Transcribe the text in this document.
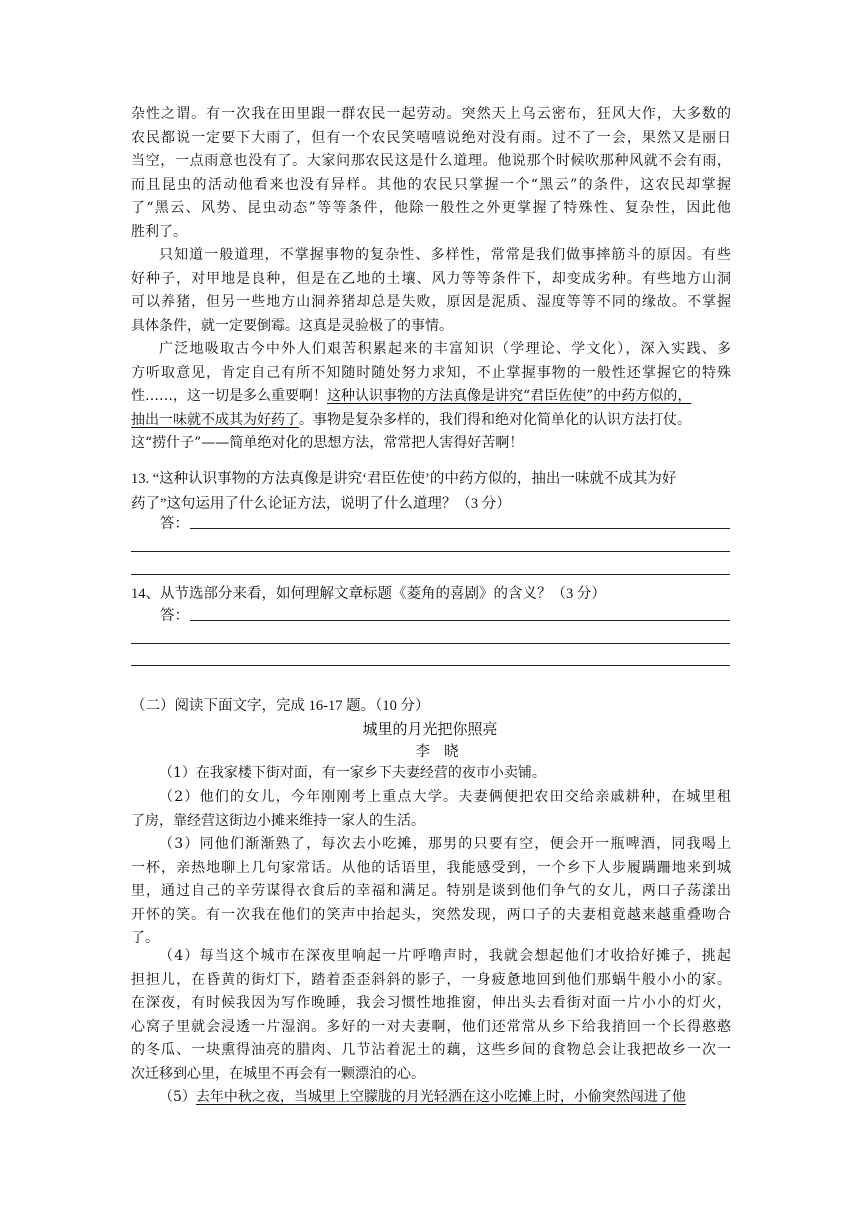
杂性之谓。有一次我在田里跟一群农民一起劳动。突然天上乌云密布，狂风大作，大多数的
农民都说一定要下大雨了，但有一个农民笑嘻嘻说绝对没有雨。过不了一会，果然又是丽日
当空，一点雨意也没有了。大家问那农民这是什么道理。他说那个时候吹那种风就不会有雨，
而且昆虫的活动他看来也没有异样。其他的农民只掌握一个“黑云”的条件，这农民却掌握
了“黑云、风势、昆虫动态”等等条件，他除一般性之外更掌握了特殊性、复杂性，因此他
胜利了。
只知道一般道理，不掌握事物的复杂性、多样性，常常是我们做事摔筋斗的原因。有些
好种子，对甲地是良种，但是在乙地的土壤、风力等等条件下，却变成劣种。有些地方山洞
可以养猪，但另一些地方山洞养猪却总是失败，原因是泥质、湿度等等不同的缘故。不掌握
具体条件，就一定要倒霉。这真是灵验极了的事情。
广泛地吸取古今中外人们艰苦积累起来的丰富知识（学理论、学文化），深入实践、多
方听取意见，肯定自己有所不知随时随处努力求知，不止掌握事物的一般性还掌握它的特殊
性……，这一切是多么重要啊！这种认识事物的方法真像是讲究“君臣佐使”的中药方似的，
抽出一味就不成其为好药了。事物是复杂多样的，我们得和绝对化简单化的认识方法打仗。
这“捞什子”——简单绝对化的思想方法，常常把人害得好苦啊！
13. “这种认识事物的方法真像是讲究‘君臣佐使’的中药方似的，抽出一味就不成其为好
药了”这句运用了什么论证方法，说明了什么道理？（3 分）
答：
14、从节选部分来看，如何理解文章标题《菱角的喜剧》的含义？（3 分）
答：
（二）阅读下面文字，完成 16-17 题。（10 分）
城里的月光把你照亮
李晓
（1）在我家楼下街对面，有一家乡下夫妻经营的夜市小卖铺。
（2）他们的女儿，今年刚刚考上重点大学。夫妻俩便把农田交给亲戚耕种，在城里租
了房，靠经营这街边小摊来维持一家人的生活。
（3）同他们渐渐熟了，每次去小吃摊，那男的只要有空，便会开一瓶啤酒，同我喝上
一杯，亲热地聊上几句家常话。从他的话语里，我能感受到，一个乡下人步履蹒跚地来到城
里，通过自己的辛劳谋得衣食后的幸福和满足。特别是谈到他们争气的女儿，两口子荡漾出
开怀的笑。有一次我在他们的笑声中抬起头，突然发现，两口子的夫妻相竟越来越重叠吻合
了。
（4）每当这个城市在深夜里响起一片呼噜声时，我就会想起他们才收拾好摊子，挑起
担担儿，在昏黄的街灯下，踏着歪歪斜斜的影子，一身疲惫地回到他们那蜗牛般小小的家。
在深夜，有时候我因为写作晚睡，我会习惯性地推窗，伸出头去看街对面一片小小的灯火，
心窝子里就会浸透一片湿润。多好的一对夫妻啊，他们还常常从乡下给我捎回一个长得憨憨
的冬瓜、一块熏得油亮的腊肉、几节沾着泥土的藕，这些乡间的食物总会让我把故乡一次一
次迁移到心里，在城里不再会有一颗漂泊的心。
（5）去年中秋之夜，当城里上空朦胧的月光轻洒在这小吃摊上时，小偷突然闯进了他
